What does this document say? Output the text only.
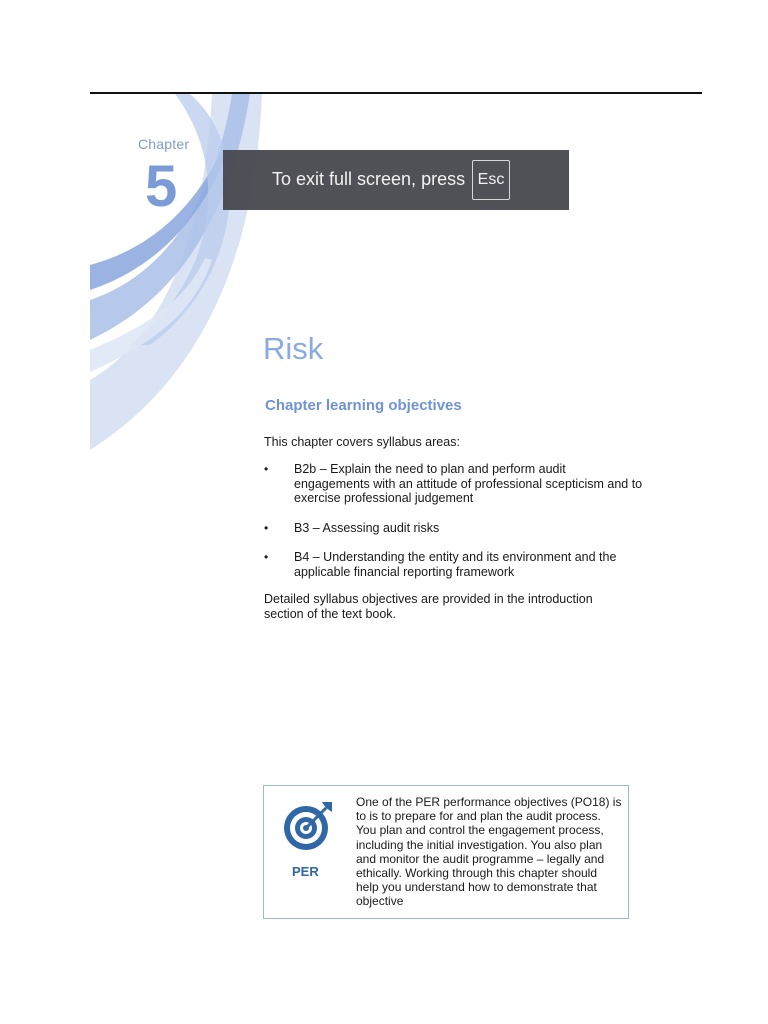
Chapter
5	To exit full screen, press Esc
Risk
Chapter learning objectives
This chapter covers syllabus areas:
• B2b – Explain the need to plan and perform audit engagements with an attitude of professional scepticism and to exercise professional judgement
• B3 – Assessing audit risks
• B4 – Understanding the entity and its environment and the applicable financial reporting framework
Detailed syllabus objectives are provided in the introduction section of the text book.
PER
One of the PER performance objectives (PO18) is to is to prepare for and plan the audit process. You plan and control the engagement process, including the initial investigation. You also plan and monitor the audit programme – legally and ethically. Working through this chapter should help you understand how to demonstrate that objective
